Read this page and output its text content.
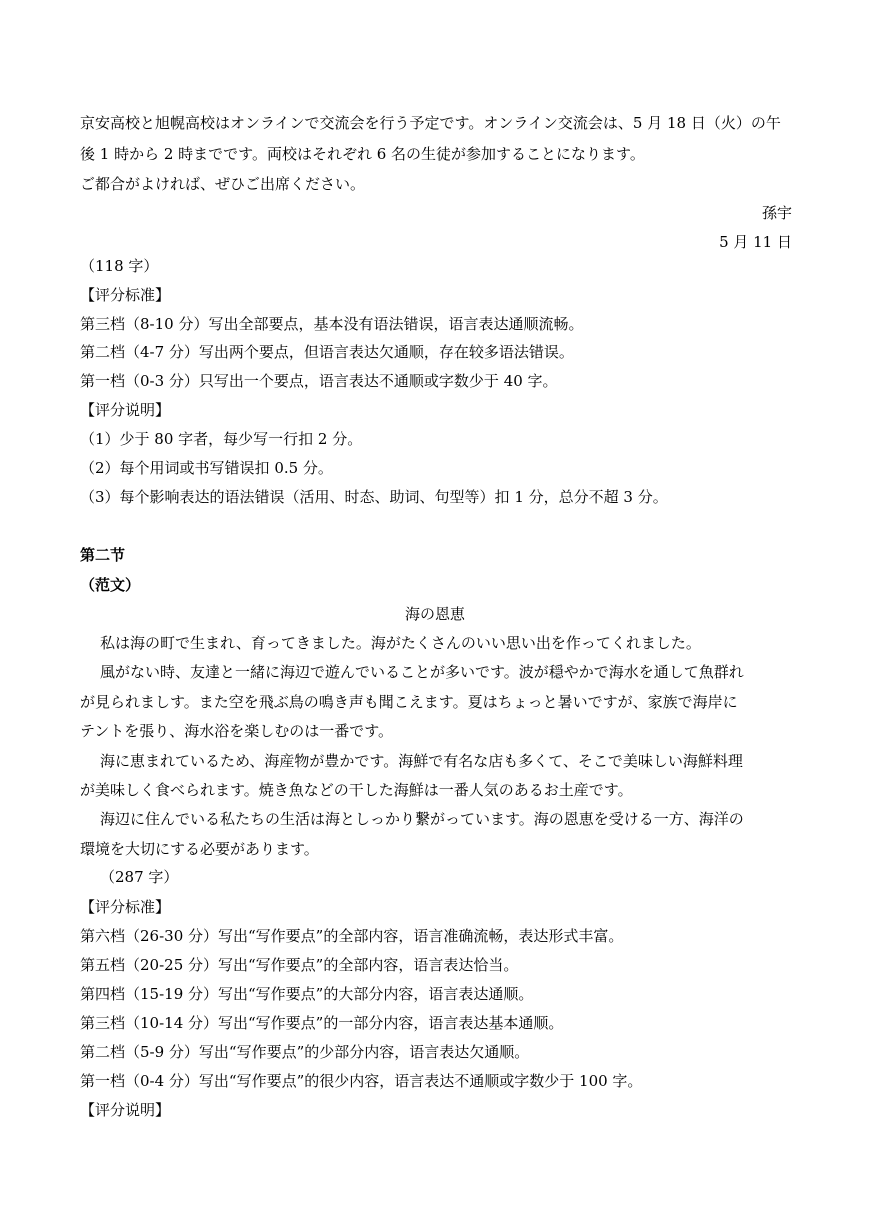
京安高校と旭幌高校はオンラインで交流会を行う予定です。オンライン交流会は、5 月 18 日（火）の午
後 1 時から 2 時までです。両校はそれぞれ 6 名の生徒が参加することになります。
ご都合がよければ、ぜひご出席ください。
孫宇
5 月 11 日
（118 字）
【评分标准】
第三档（8-10 分）写出全部要点，基本没有语法错误，语言表达通顺流畅。
第二档（4-7 分）写出两个要点，但语言表达欠通顺，存在较多语法错误。
第一档（0-3 分）只写出一个要点，语言表达不通顺或字数少于 40 字。
【评分说明】
（1）少于 80 字者，每少写一行扣 2 分。
（2）每个用词或书写错误扣 0.5 分。
（3）每个影响表达的语法错误（活用、时态、助词、句型等）扣 1 分，总分不超 3 分。
第二节
（范文）
海の恩恵
私は海の町で生まれ、育ってきました。海がたくさんのいい思い出を作ってくれました。
風がない時、友達と一緒に海辺で遊んでいることが多いです。波が穏やかで海水を通して魚群れ
が見られましす。また空を飛ぶ鳥の鳴き声も聞こえます。夏はちょっと暑いですが、家族で海岸に
テントを張り、海水浴を楽しむのは一番です。
海に恵まれているため、海産物が豊かです。海鮮で有名な店も多くて、そこで美味しい海鮮料理
が美味しく食べられます。焼き魚などの干した海鮮は一番人気のあるお土産です。
海辺に住んでいる私たちの生活は海としっかり繋がっています。海の恩恵を受ける一方、海洋の
環境を大切にする必要があります。
（287 字）
【评分标准】
第六档（26-30 分）写出“写作要点”的全部内容，语言准确流畅，表达形式丰富。
第五档（20-25 分）写出“写作要点”的全部内容，语言表达恰当。
第四档（15-19 分）写出“写作要点”的大部分内容，语言表达通顺。
第三档（10-14 分）写出“写作要点”的一部分内容，语言表达基本通顺。
第二档（5-9 分）写出“写作要点”的少部分内容，语言表达欠通顺。
第一档（0-4 分）写出“写作要点”的很少内容，语言表达不通顺或字数少于 100 字。
【评分说明】
